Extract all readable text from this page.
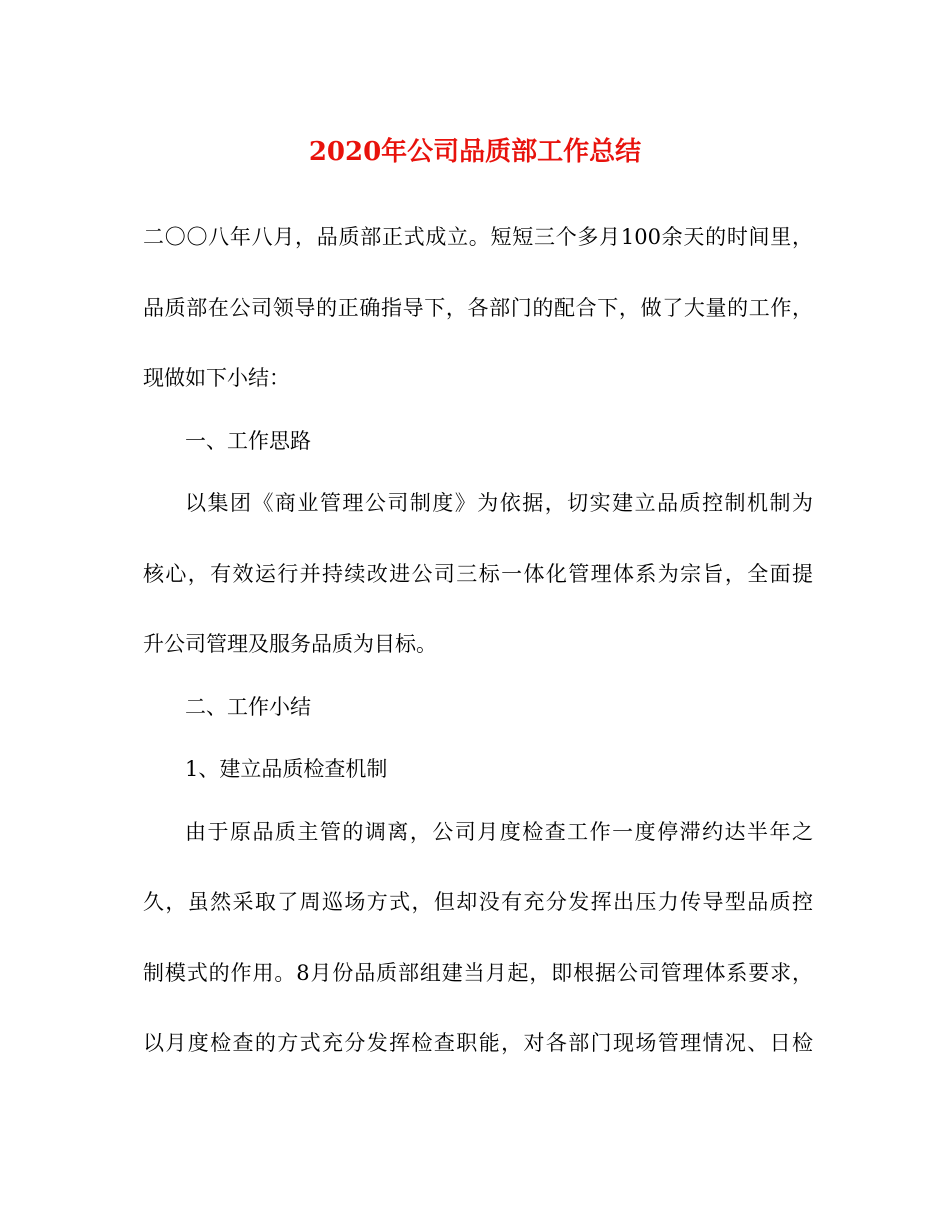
2020年公司品质部工作总结
二〇〇八年八月，品质部正式成立。短短三个多月100余天的时间里，
品质部在公司领导的正确指导下，各部门的配合下，做了大量的工作，
现做如下小结：
一、工作思路
以集团《商业管理公司制度》为依据，切实建立品质控制机制为
核心，有效运行并持续改进公司三标一体化管理体系为宗旨，全面提
升公司管理及服务品质为目标。
二、工作小结
1、建立品质检查机制
由于原品质主管的调离，公司月度检查工作一度停滞约达半年之
久，虽然采取了周巡场方式，但却没有充分发挥出压力传导型品质控
制模式的作用。8月份品质部组建当月起，即根据公司管理体系要求，
以月度检查的方式充分发挥检查职能，对各部门现场管理情况、日检
